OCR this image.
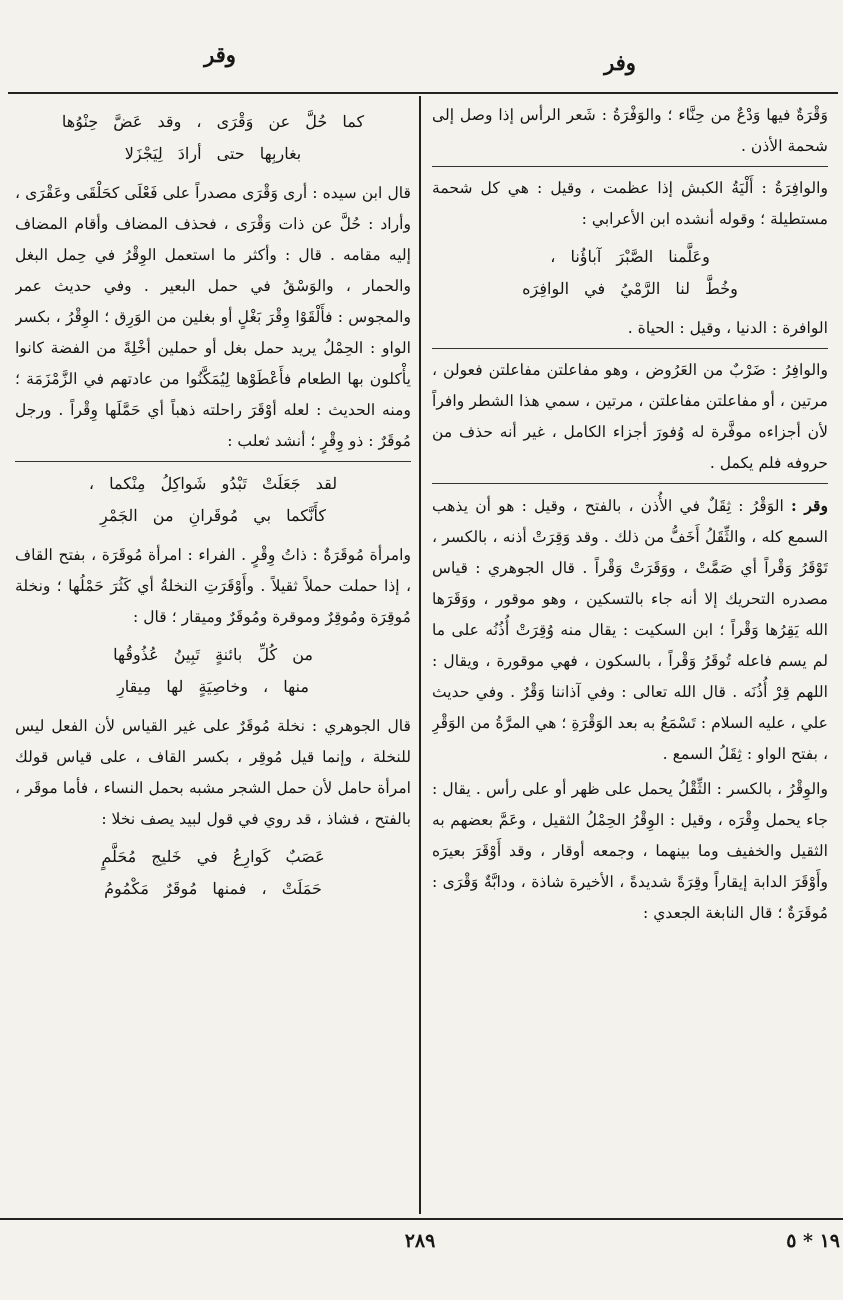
وقر	وفر

وَقْرَةٌ فيها وَدْعٌ من حِنَّاء ؛ والوَفْرَةُ : شَعر الرأس إذا وصل إلى شحمة الأذن .

والوافِرَةُ : أَلْيَةُ الكبش إذا عظمت ، وقيل : هي كل شحمة مستطيلة ؛ وقوله أنشده ابن الأعرابي :

وعَلَّمنا الصَّبْرَ آباؤُنا ،

وخُطَّ لنا الرَّمْيُ في الوافِرَه

الوافرة : الدنيا ، وقيل : الحياة .

والوافِرُ : ضَرْبٌ من العَرُوض ، وهو مفاعلتن مفاعلتن فعولن ، مرتين ، أو مفاعلتن مفاعلتن ، مرتين ، سمي هذا الشطر وافراً لأن أجزاءه موفَّرة له وُفورَ أجزاء الكامل ، غير أنه حذف من حروفه فلم يكمل .

وقر : الوَقْرُ : ثِقَلٌ في الأُذن ، بالفتح ، وقيل : هو أن يذهب السمع كله ، والثِّقَلُ أَخَفُّ من ذلك . وقد وَقِرَتْ أذنه ، بالكسر ، تَوْقَرُ وَقْراً أي صَمَّتْ ، ووَقَرَتْ وَقْراً . قال الجوهري : قياس مصدره التحريك إلا أنه جاء بالتسكين ، وهو موقور ، ووَقَرَها الله يَقِرُها وَقْراً ؛ ابن السكيت : يقال منه وُقِرَتْ أُذُنُه على ما لم يسم فاعله تُوقَرُ وَقْراً ، بالسكون ، فهي موقورة ، ويقال : اللهم قِرْ أُذُنَه . قال الله تعالى : وفي آذاننا وَقْرٌ . وفي حديث علي ، عليه السلام : تَسْمَعُ به بعد الوَقْرَةِ ؛ هي المرَّةُ من الوَقْرِ ، بفتح الواو : ثِقَلُ السمع .

والوِقْرُ ، بالكسر : الثِّقْلُ يحمل على ظهر أو على رأس . يقال : جاء يحمل وِقْرَه ، وقيل : الوِقْرُ الحِمْلُ الثقيل ، وعَمَّ بعضهم به الثقيل والخفيف وما بينهما ، وجمعه أوقار ، وقد أَوْقَرَ بعيرَه وأَوْقَرَ الدابة إيقاراً وقِرَةً شديدةً ، الأخيرة شاذة ، ودابَّةٌ وَقْرَى : مُوقَرَةٌ ؛ قال النابغة الجعدي :

كما حُلَّ عن وَقْرَى ، وقد عَضَّ حِنْوُها

بغاربِها حتى أرادَ لِيَجْزَلا

قال ابن سيده : أرى وَقْرَى مصدراً على فَعْلَى كحَلْقَى وعَقْرَى ، وأراد : حُلَّ عن ذات وَقْرَى ، فحذف المضاف وأقام المضاف إليه مقامه . قال : وأكثر ما استعمل الوِقْرُ في حِمل البغل والحمار ، والوَسْقُ في حمل البعير . وفي حديث عمر والمجوس : فأَلْقَوْا وِقْرَ بَغْلٍ أو بغلين من الوَرِق ؛ الوِقْرُ ، بكسر الواو : الحِمْلُ يريد حمل بغل أو حملين أخْلِةً من الفضة كانوا يأْكلون بها الطعام فأَعْطَوْها لِيُمَكَّنُوا من عادتهم في الزَّمْزَمَة ؛ ومنه الحديث : لعله أوْقَرَ راحلته ذهباً أي حَمَّلَها وِقْراً . ورجل مُوقَرٌ : ذو وِقْرٍ ؛ أنشد ثعلب :

لقد جَعَلَتْ تَبْدُو شَواكِلُ مِنْكما ،

كأَنَّكما بي مُوقَرانِ من الجَمْرِ

وامرأة مُوقَرَةٌ : ذاتُ وِقْرٍ . الفراء : امرأة مُوقَرَة ، بفتح القاف ، إذا حملت حملاً ثقيلاً . وأَوْقَرَتِ النخلةُ أي كَثُرَ حَمْلُها ؛ ونخلة مُوقِرَة ومُوقِرٌ وموقرة ومُوقَرٌ وميقار ؛ قال :

من كُلِّ بائنةٍ تَبِينُ عُذُوقُها

منها ، وخاصِيَةٍ لها مِيقارِ

قال الجوهري : نخلة مُوقَرٌ على غير القياس لأن الفعل ليس للنخلة ، وإنما قيل مُوقِر ، بكسر القاف ، على قياس قولك امرأة حامل لأن حمل الشجر مشبه بحمل النساء ، فأما موقَر ، بالفتح ، فشاذ ، قد روي في قول لبيد يصف نخلا :

عَصَبٌ كَوارِعُ في خَليج مُحَلَّمٍ

حَمَلَتْ ، فمنها مُوقَرٌ مَكْمُومُ

٢٨٩	١٩ * ٥
